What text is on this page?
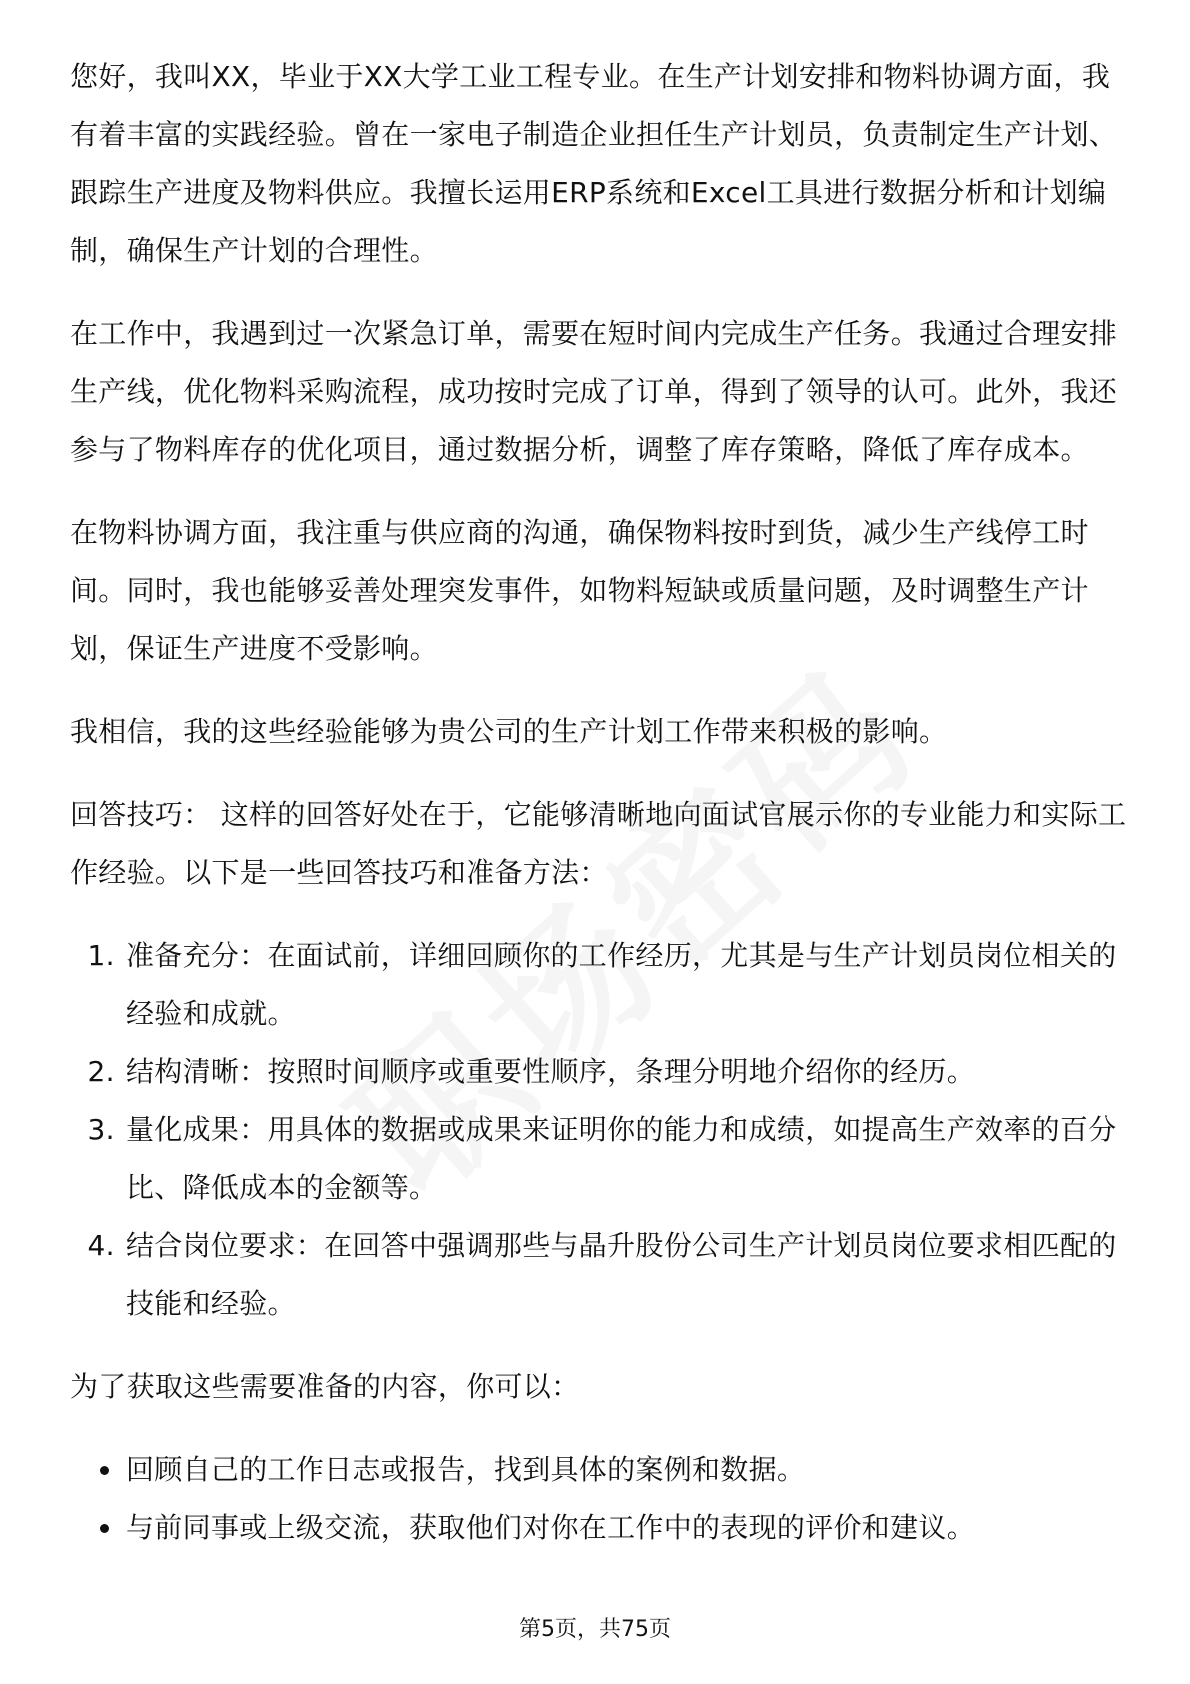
您好，我叫XX，毕业于XX大学工业工程专业。在生产计划安排和物料协调方面，我有着丰富的实践经验。曾在一家电子制造企业担任生产计划员，负责制定生产计划、跟踪生产进度及物料供应。我擅长运用ERP系统和Excel工具进行数据分析和计划编制，确保生产计划的合理性。

在工作中，我遇到过一次紧急订单，需要在短时间内完成生产任务。我通过合理安排生产线，优化物料采购流程，成功按时完成了订单，得到了领导的认可。此外，我还参与了物料库存的优化项目，通过数据分析，调整了库存策略，降低了库存成本。

在物料协调方面，我注重与供应商的沟通，确保物料按时到货，减少生产线停工时间。同时，我也能够妥善处理突发事件，如物料短缺或质量问题，及时调整生产计划，保证生产进度不受影响。

我相信，我的这些经验能够为贵公司的生产计划工作带来积极的影响。

回答技巧： 这样的回答好处在于，它能够清晰地向面试官展示你的专业能力和实际工作经验。以下是一些回答技巧和准备方法：

1. 准备充分：在面试前，详细回顾你的工作经历，尤其是与生产计划员岗位相关的经验和成就。
2. 结构清晰：按照时间顺序或重要性顺序，条理分明地介绍你的经历。
3. 量化成果：用具体的数据或成果来证明你的能力和成绩，如提高生产效率的百分比、降低成本的金额等。
4. 结合岗位要求：在回答中强调那些与晶升股份公司生产计划员岗位要求相匹配的技能和经验。

为了获取这些需要准备的内容，你可以：

• 回顾自己的工作日志或报告，找到具体的案例和数据。
• 与前同事或上级交流，获取他们对你在工作中的表现的评价和建议。
第5页，共75页
